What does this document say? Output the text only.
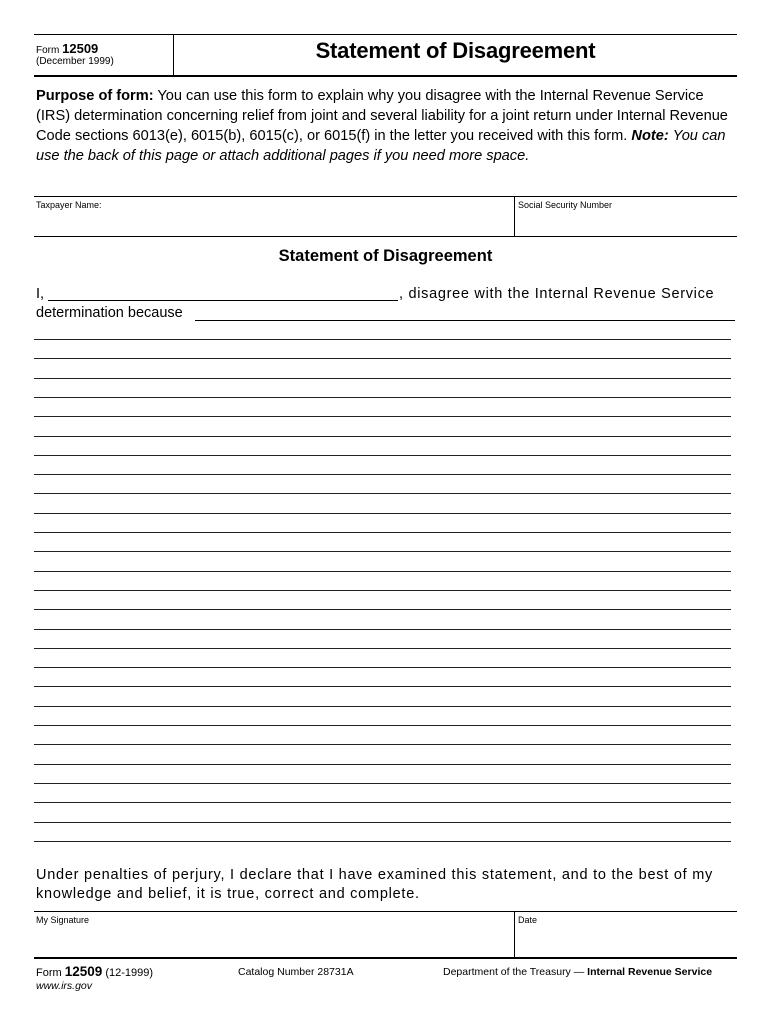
Form 12509
(December 1999)	Statement of Disagreement
Purpose of form: You can use this form to explain why you disagree with the Internal Revenue Service (IRS) determination concerning relief from joint and several liability for a joint return under Internal Revenue Code sections 6013(e), 6015(b), 6015(c), or 6015(f) in the letter you received with this form. Note: You can use the back of this page or attach additional pages if you need more space.
Taxpayer Name:	Social Security Number
Statement of Disagreement
I,	, disagree with the Internal Revenue Service
determination because
Under penalties of perjury, I declare that I have examined this statement, and to the best of my knowledge and belief, it is true, correct and complete.
My Signature	Date
Form 12509 (12-1999)
www.irs.gov
Catalog Number 28731A	Department of the Treasury — Internal Revenue Service
